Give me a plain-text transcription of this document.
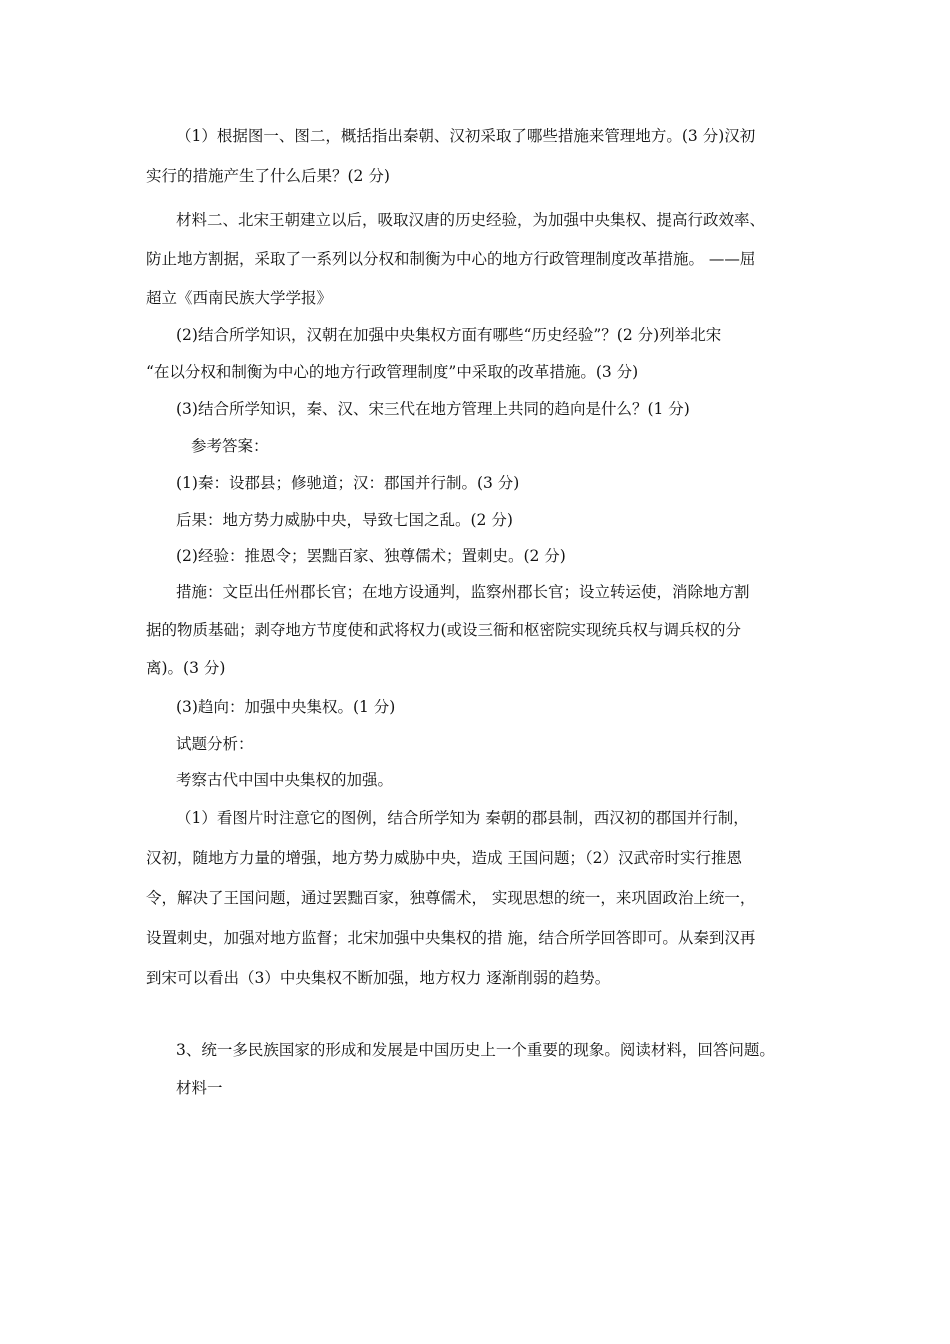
（1）根据图一、图二，概括指出秦朝、汉初采取了哪些措施来管理地方。(3 分)汉初
实行的措施产生了什么后果？(2 分)
材料二、北宋王朝建立以后，吸取汉唐的历史经验，为加强中央集权、提高行政效率、
防止地方割据，采取了一系列以分权和制衡为中心的地方行政管理制度改革措施。 ——屈
超立《西南民族大学学报》
(2)结合所学知识，汉朝在加强中央集权方面有哪些“历史经验”？(2 分)列举北宋
“在以分权和制衡为中心的地方行政管理制度”中采取的改革措施。(3 分)
(3)结合所学知识，秦、汉、宋三代在地方管理上共同的趋向是什么？(1 分)
参考答案：
(1)秦：设郡县；修驰道；汉：郡国并行制。(3 分)
后果：地方势力威胁中央，导致七国之乱。(2 分)
(2)经验：推恩令；罢黜百家、独尊儒术；置刺史。(2 分)
措施：文臣出任州郡长官；在地方设通判，监察州郡长官；设立转运使，消除地方割
据的物质基础；剥夺地方节度使和武将权力(或设三衙和枢密院实现统兵权与调兵权的分
离)。(3 分)
(3)趋向：加强中央集权。(1 分)
试题分析：
考察古代中国中央集权的加强。
（1）看图片时注意它的图例，结合所学知为 秦朝的郡县制，西汉初的郡国并行制，
汉初，随地方力量的增强，地方势力威胁中央，造成 王国问题；（2）汉武帝时实行推恩
令，解决了王国问题，通过罢黜百家，独尊儒术， 实现思想的统一，来巩固政治上统一，
设置刺史，加强对地方监督；北宋加强中央集权的措 施，结合所学回答即可。从秦到汉再
到宋可以看出（3）中央集权不断加强，地方权力 逐渐削弱的趋势。
3、统一多民族国家的形成和发展是中国历史上一个重要的现象。阅读材料，回答问题。
材料一
